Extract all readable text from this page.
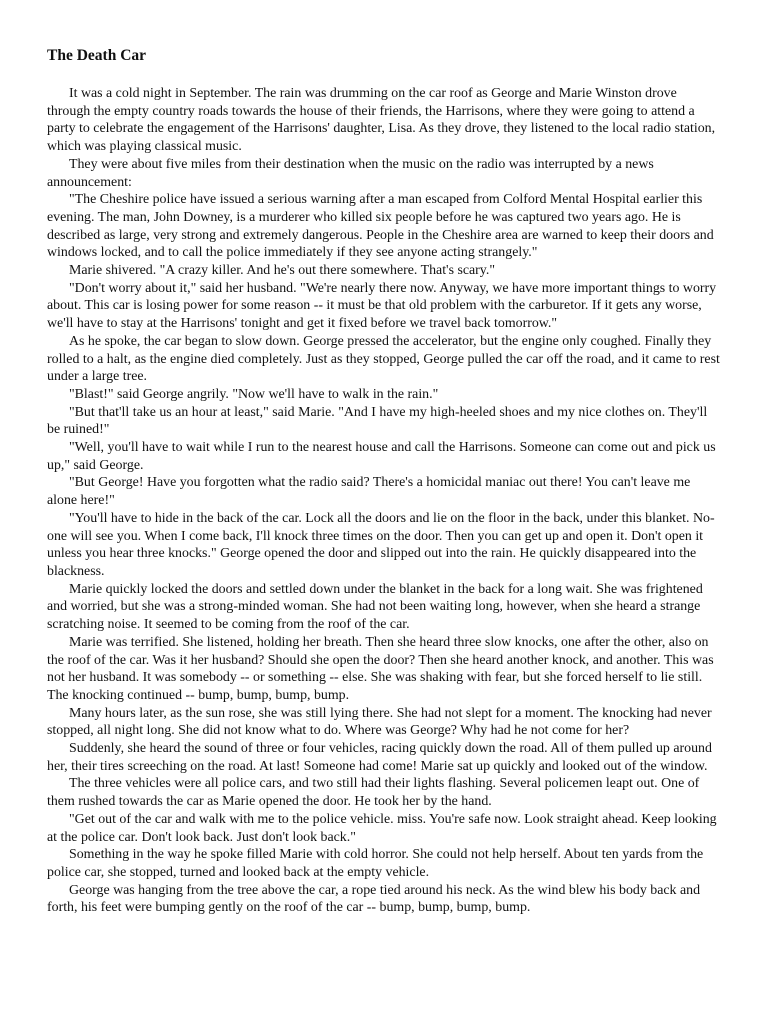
The Death Car

It was a cold night in September. The rain was drumming on the car roof as George and Marie Winston drove through the empty country roads towards the house of their friends, the Harrisons, where they were going to attend a party to celebrate the engagement of the Harrisons' daughter, Lisa. As they drove, they listened to the local radio station, which was playing classical music.

They were about five miles from their destination when the music on the radio was interrupted by a news announcement:

"The Cheshire police have issued a serious warning after a man escaped from Colford Mental Hospital earlier this evening. The man, John Downey, is a murderer who killed six people before he was captured two years ago. He is described as large, very strong and extremely dangerous. People in the Cheshire area are warned to keep their doors and windows locked, and to call the police immediately if they see anyone acting strangely."

Marie shivered. "A crazy killer. And he's out there somewhere. That's scary."

"Don't worry about it," said her husband. "We're nearly there now. Anyway, we have more important things to worry about. This car is losing power for some reason -- it must be that old problem with the carburetor. If it gets any worse, we'll have to stay at the Harrisons' tonight and get it fixed before we travel back tomorrow."

As he spoke, the car began to slow down. George pressed the accelerator, but the engine only coughed. Finally they rolled to a halt, as the engine died completely. Just as they stopped, George pulled the car off the road, and it came to rest under a large tree.

"Blast!" said George angrily. "Now we'll have to walk in the rain."

"But that'll take us an hour at least," said Marie. "And I have my high-heeled shoes and my nice clothes on. They'll be ruined!"

"Well, you'll have to wait while I run to the nearest house and call the Harrisons. Someone can come out and pick us up," said George.

"But George! Have you forgotten what the radio said? There's a homicidal maniac out there! You can't leave me alone here!"

"You'll have to hide in the back of the car. Lock all the doors and lie on the floor in the back, under this blanket. No-one will see you. When I come back, I'll knock three times on the door. Then you can get up and open it. Don't open it unless you hear three knocks." George opened the door and slipped out into the rain. He quickly disappeared into the blackness.

Marie quickly locked the doors and settled down under the blanket in the back for a long wait. She was frightened and worried, but she was a strong-minded woman. She had not been waiting long, however, when she heard a strange scratching noise. It seemed to be coming from the roof of the car.

Marie was terrified. She listened, holding her breath. Then she heard three slow knocks, one after the other, also on the roof of the car. Was it her husband? Should she open the door? Then she heard another knock, and another. This was not her husband. It was somebody -- or something -- else. She was shaking with fear, but she forced herself to lie still. The knocking continued -- bump, bump, bump, bump.

Many hours later, as the sun rose, she was still lying there. She had not slept for a moment. The knocking had never stopped, all night long. She did not know what to do. Where was George? Why had he not come for her?

Suddenly, she heard the sound of three or four vehicles, racing quickly down the road. All of them pulled up around her, their tires screeching on the road. At last! Someone had come! Marie sat up quickly and looked out of the window.

The three vehicles were all police cars, and two still had their lights flashing. Several policemen leapt out. One of them rushed towards the car as Marie opened the door. He took her by the hand.

"Get out of the car and walk with me to the police vehicle. miss. You're safe now. Look straight ahead. Keep looking at the police car. Don't look back. Just don't look back."

Something in the way he spoke filled Marie with cold horror. She could not help herself. About ten yards from the police car, she stopped, turned and looked back at the empty vehicle.

George was hanging from the tree above the car, a rope tied around his neck. As the wind blew his body back and forth, his feet were bumping gently on the roof of the car -- bump, bump, bump, bump.
